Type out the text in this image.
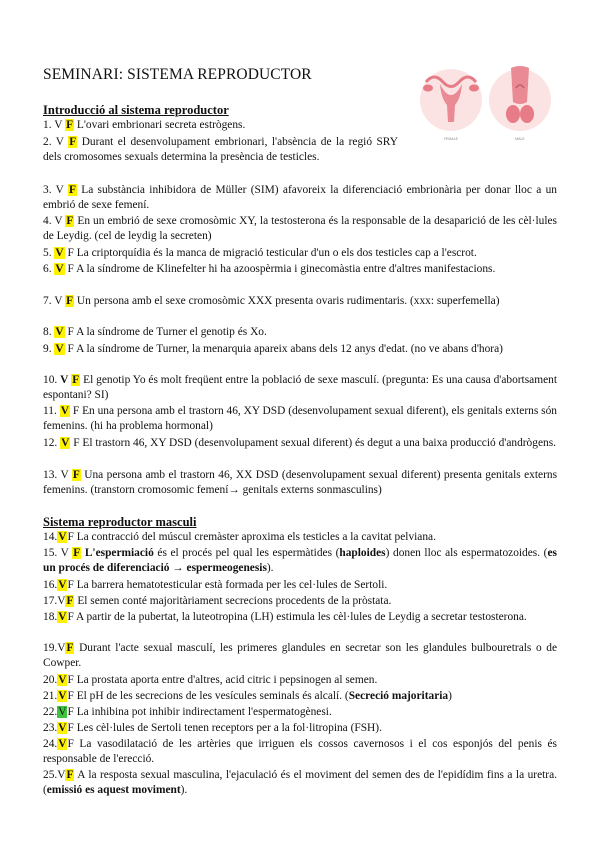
SEMINARI: SISTEMA REPRODUCTOR
FEMALE	MALE
Introducció al sistema reproductor
1. V F L'ovari embrionari secreta estrògens.
2. V F Durant el desenvolupament embrionari, l'absència de la regió SRY dels cromosomes sexuals determina la presència de testicles.
3. V F La substància inhibidora de Müller (SIM) afavoreix la diferenciació embrionària per donar lloc a un embrió de sexe femení.
4. V F En un embrió de sexe cromosòmic XY, la testosterona és la responsable de la desaparició de les cèl·lules de Leydig. (cel de leydig la secreten)
5. V F La criptorquídia és la manca de migració testicular d'un o els dos testicles cap a l'escrot.
6. V F A la síndrome de Klinefelter hi ha azoospèrmia i ginecomàstia entre d'altres manifestacions.
7. V F Un persona amb el sexe cromosòmic XXX presenta ovaris rudimentaris. (xxx: superfemella)
8. V F A la síndrome de Turner el genotip és Xo.
9. V F A la síndrome de Turner, la menarquia apareix abans dels 12 anys d'edat. (no ve abans d'hora)
10. V F El genotip Yo és molt freqüent entre la població de sexe masculí. (pregunta: Es una causa d'abortsament espontani? SI)
11. V F En una persona amb el trastorn 46, XY DSD (desenvolupament sexual diferent), els genitals externs són femenins. (hi ha problema hormonal)
12. V F El trastorn 46, XY DSD (desenvolupament sexual diferent) és degut a una baixa producció d'andrògens.
13. V F Una persona amb el trastorn 46, XX DSD (desenvolupament sexual diferent) presenta genitals externs femenins. (transtorn cromosomic femení→ genitals externs sonmasculins)
Sistema reproductor masculi
14.VF La contracció del múscul cremàster aproxima els testicles a la cavitat pelviana.
15. V F L'espermiació és el procés pel qual les espermàtides (haploides) donen lloc als espermatozoides. (es un procés de diferenciació → espermeogenesis).
16.VF La barrera hematotesticular està formada per les cel·lules de Sertoli.
17.VF El semen conté majoritàriament secrecions procedents de la pròstata.
18.VF A partir de la pubertat, la luteotropina (LH) estimula les cèl·lules de Leydig a secretar testosterona.
19.VF Durant l'acte sexual masculí, les primeres glandules en secretar son les glandules bulbouretrals o de Cowper.
20.VF La prostata aporta entre d'altres, acid citric i pepsinogen al semen.
21.VF El pH de les secrecions de les vesícules seminals és alcalí. (Secreció majoritaria)
22.VF La inhibina pot inhibir indirectament l'espermatogènesi.
23.VF Les cèl·lules de Sertoli tenen receptors per a la fol·litropina (FSH).
24.VF La vasodilatació de les artèries que irriguen els cossos cavernosos i el cos esponjós del penis és responsable de l'erecció.
25.VF A la resposta sexual masculina, l'ejaculació és el moviment del semen des de l'epidídim fins a la uretra. (emissió es aquest moviment).
